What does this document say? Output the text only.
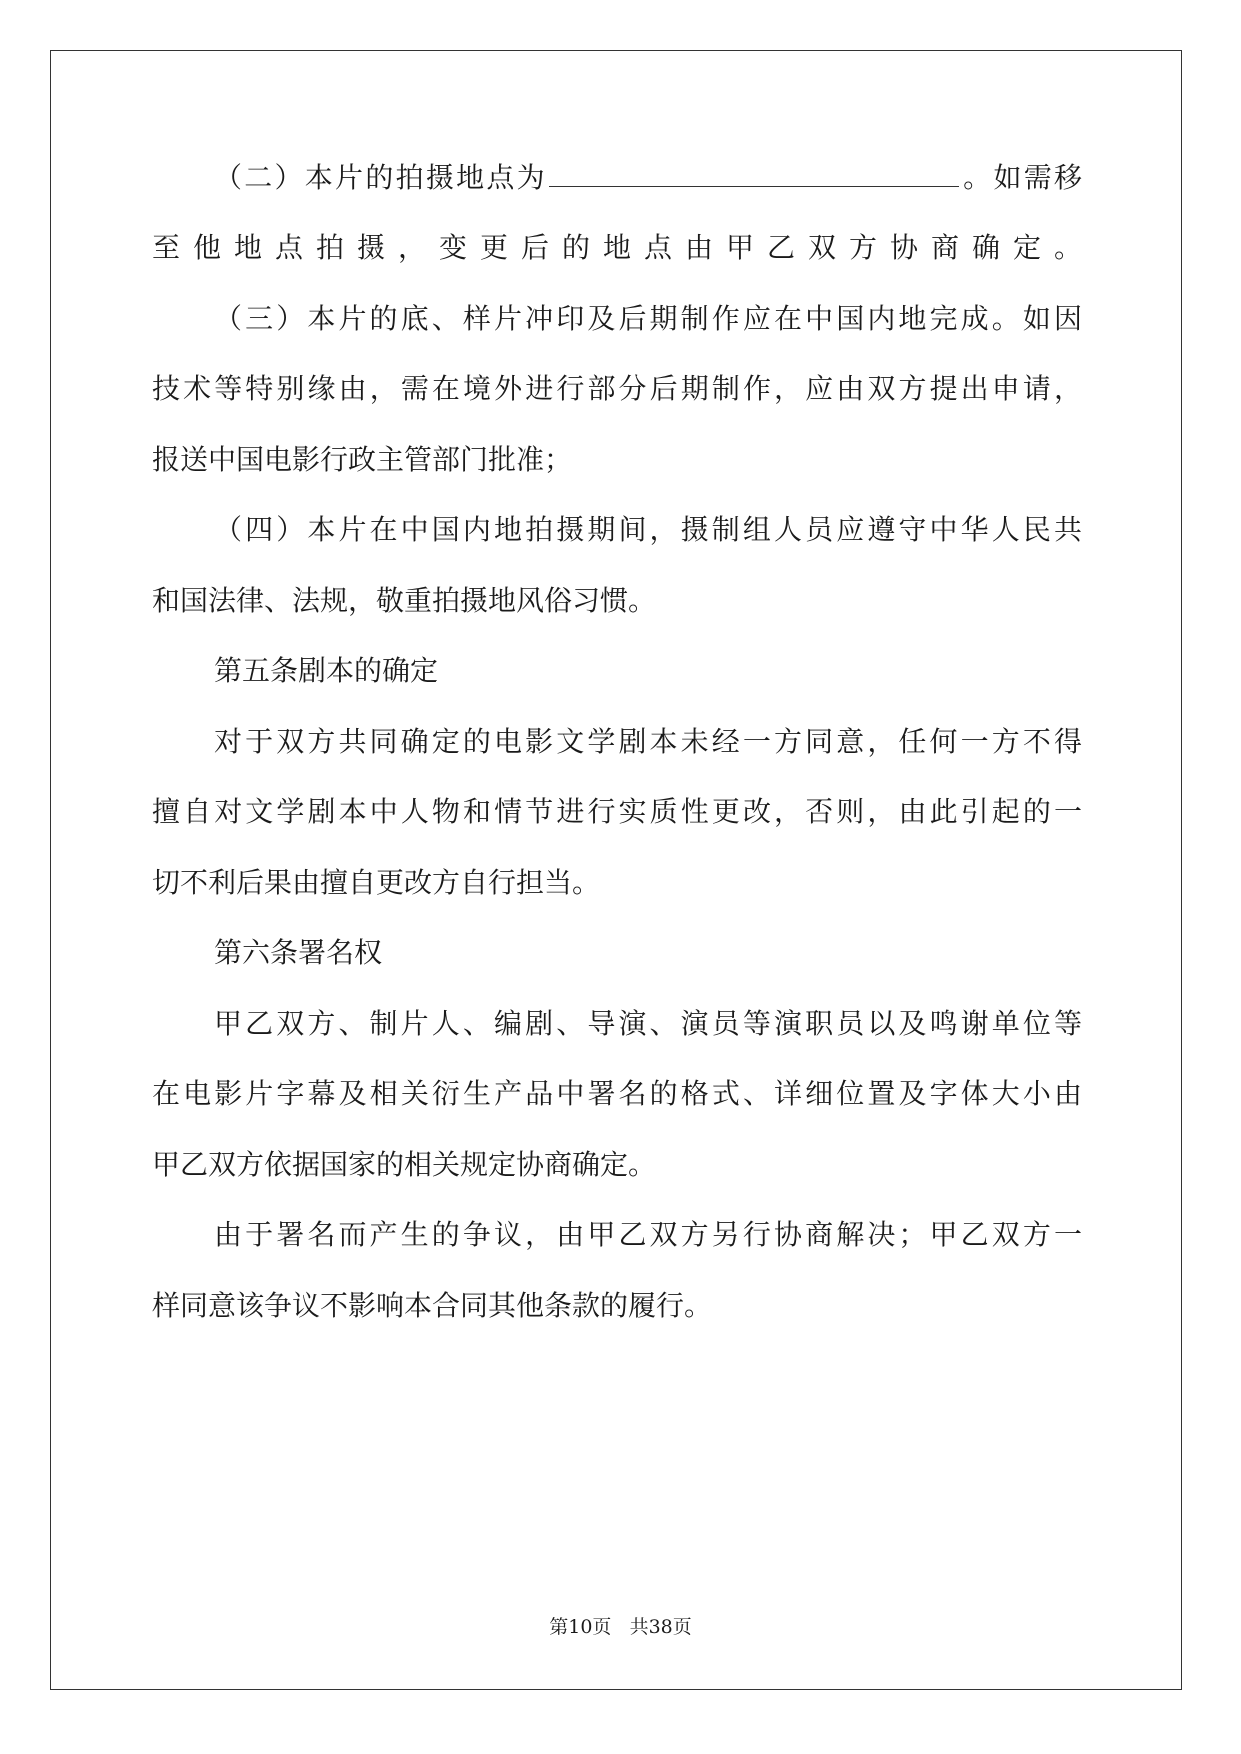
（二）本片的拍摄地点为	。如需移
至他地点拍摄，变更后的地点由甲乙双方协商确定。
（三）本片的底、样片冲印及后期制作应在中国内地完成。如因
技术等特别缘由，需在境外进行部分后期制作，应由双方提出申请，
报送中国电影行政主管部门批准；
（四）本片在中国内地拍摄期间，摄制组人员应遵守中华人民共
和国法律、法规，敬重拍摄地风俗习惯。
第五条剧本的确定
对于双方共同确定的电影文学剧本未经一方同意，任何一方不得
擅自对文学剧本中人物和情节进行实质性更改，否则，由此引起的一
切不利后果由擅自更改方自行担当。
第六条署名权
甲乙双方、制片人、编剧、导演、演员等演职员以及鸣谢单位等
在电影片字幕及相关衍生产品中署名的格式、详细位置及字体大小由
甲乙双方依据国家的相关规定协商确定。
由于署名而产生的争议，由甲乙双方另行协商解决；甲乙双方一
样同意该争议不影响本合同其他条款的履行。
第10页 共38页
